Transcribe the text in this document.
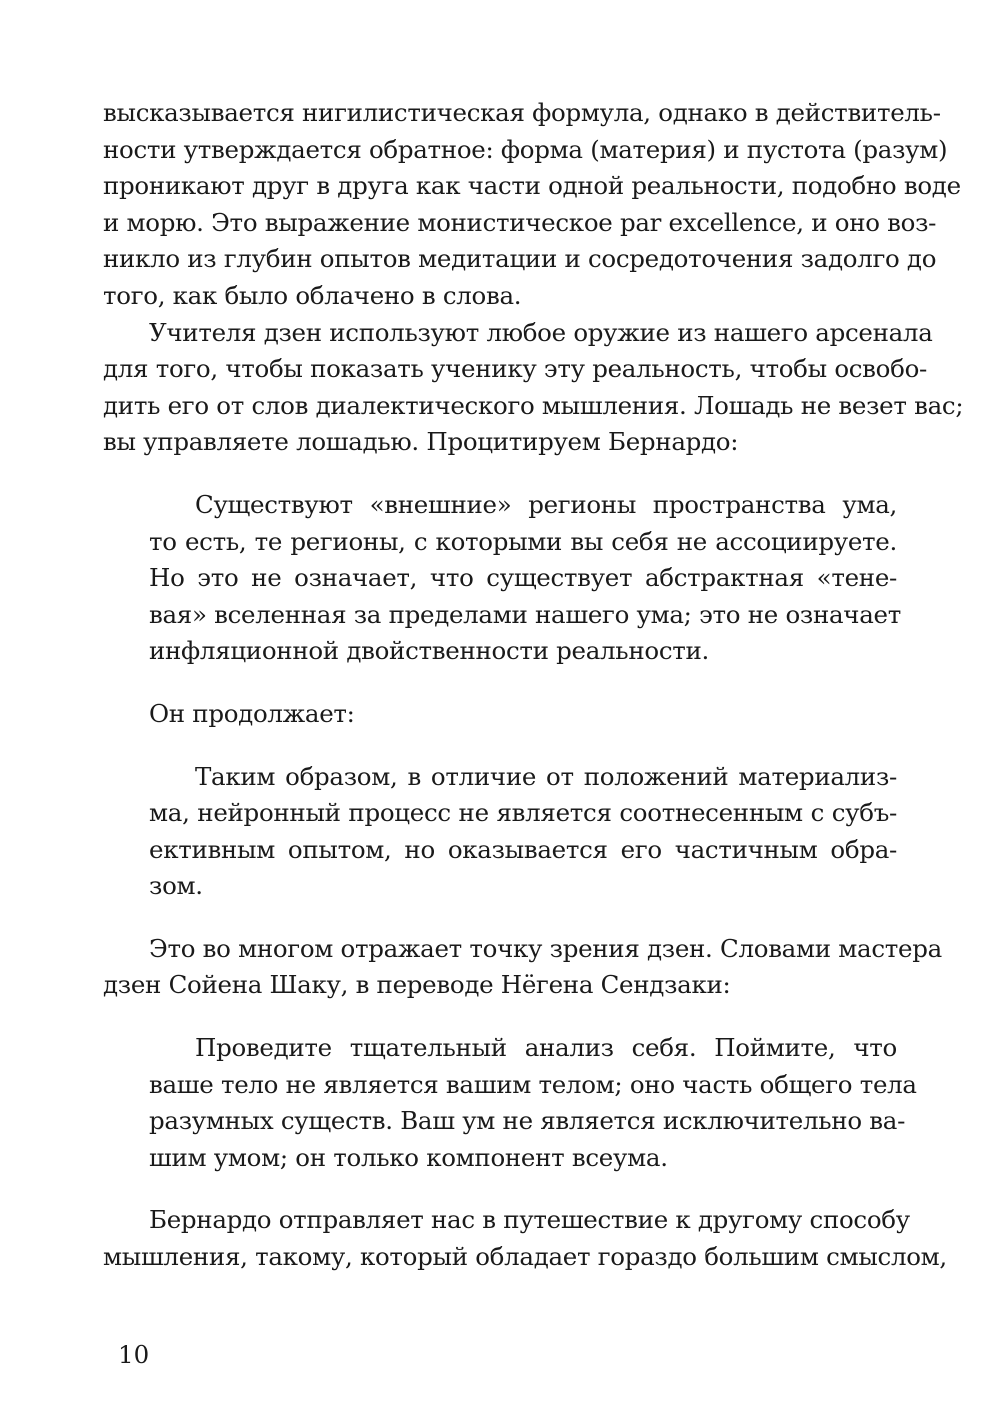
высказывается нигилистическая формула, однако в действитель-
ности утверждается обратное: форма (материя) и пустота (разум)
проникают друг в друга как части одной реальности, подобно воде
и морю. Это выражение монистическое par excellence, и оно воз-
никло из глубин опытов медитации и сосредоточения задолго до
того, как было облачено в слова.
Учителя дзен используют любое оружие из нашего арсенала
для того, чтобы показать ученику эту реальность, чтобы освобо-
дить его от слов диалектического мышления. Лошадь не везет вас;
вы управляете лошадью. Процитируем Бернардо:
Существуют «внешние» регионы пространства ума,
то есть, те регионы, с которыми вы себя не ассоциируете.
Но это не означает, что существует абстрактная «тене-
вая» вселенная за пределами нашего ума; это не означает
инфляционной двойственности реальности.
Он продолжает:
Таким образом, в отличие от положений материализ-
ма, нейронный процесс не является соотнесенным с субъ-
ективным опытом, но оказывается его частичным обра-
зом.
Это во многом отражает точку зрения дзен. Словами мастера
дзен Сойена Шаку, в переводе Нёгена Сендзаки:
Проведите тщательный анализ себя. Поймите, что
ваше тело не является вашим телом; оно часть общего тела
разумных существ. Ваш ум не является исключительно ва-
шим умом; он только компонент всеума.
Бернардо отправляет нас в путешествие к другому способу
мышления, такому, который обладает гораздо большим смыслом,
10
